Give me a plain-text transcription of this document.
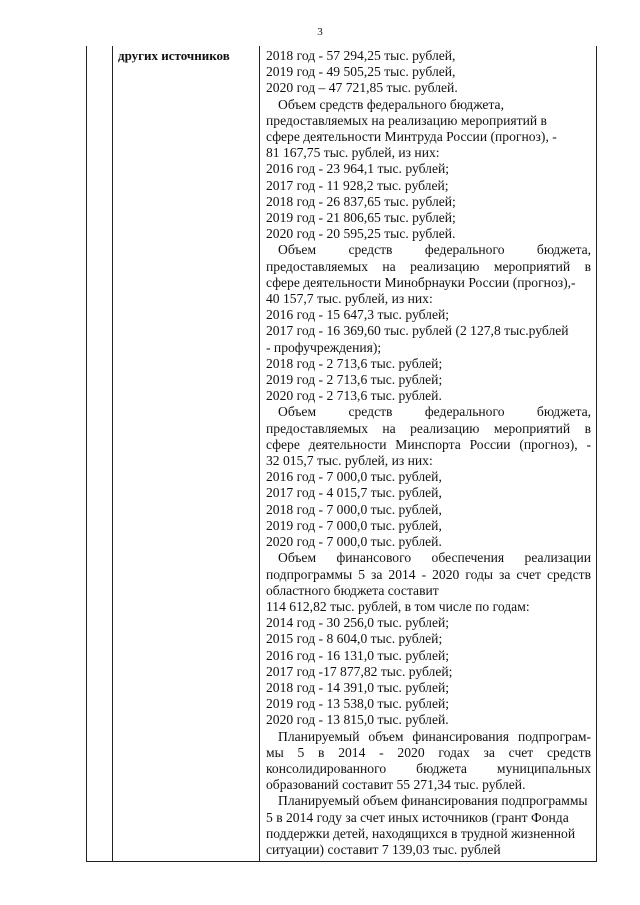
3
других источников	2018 год - 57 294,25 тыс. рублей,
2019 год - 49 505,25 тыс. рублей,
2020 год – 47 721,85 тыс. рублей.
Объем средств федерального бюджета,
предоставляемых на реализацию мероприятий в
сфере деятельности Минтруда России (прогноз), -
81 167,75 тыс. рублей, из них:
2016 год - 23 964,1 тыс. рублей;
2017 год - 11 928,2 тыс. рублей;
2018 год - 26 837,65 тыс. рублей;
2019 год - 21 806,65 тыс. рублей;
2020 год - 20 595,25 тыс. рублей.
Объем средств федерального бюджета,
предоставляемых на реализацию мероприятий в
сфере деятельности Минобрнауки России (прогноз),-
40 157,7 тыс. рублей, из них:
2016 год - 15 647,3 тыс. рублей;
2017 год - 16 369,60 тыс. рублей (2 127,8 тыс.рублей
- профучреждения);
2018 год - 2 713,6 тыс. рублей;
2019 год - 2 713,6 тыс. рублей;
2020 год - 2 713,6 тыс. рублей.
Объем средств федерального бюджета,
предоставляемых на реализацию мероприятий в
сфере деятельности Минспорта России (прогноз), -
32 015,7 тыс. рублей, из них:
2016 год - 7 000,0 тыс. рублей,
2017 год - 4 015,7 тыс. рублей,
2018 год - 7 000,0 тыс. рублей,
2019 год - 7 000,0 тыс. рублей,
2020 год - 7 000,0 тыс. рублей.
Объем финансового обеспечения реализации
подпрограммы 5 за 2014 - 2020 годы за счет средств
областного бюджета составит
114 612,82 тыс. рублей, в том числе по годам:
2014 год - 30 256,0 тыс. рублей;
2015 год - 8 604,0 тыс. рублей;
2016 год - 16 131,0 тыс. рублей;
2017 год -17 877,82 тыс. рублей;
2018 год - 14 391,0 тыс. рублей;
2019 год - 13 538,0 тыс. рублей;
2020 год - 13 815,0 тыс. рублей.
Планируемый объем финансирования подпрограм-
мы 5 в 2014 - 2020 годах за счет средств
консолидированного бюджета муниципальных
образований составит 55 271,34 тыс. рублей.
Планируемый объем финансирования подпрограммы
5 в 2014 году за счет иных источников (грант Фонда
поддержки детей, находящихся в трудной жизненной
ситуации) составит 7 139,03 тыс. рублей
